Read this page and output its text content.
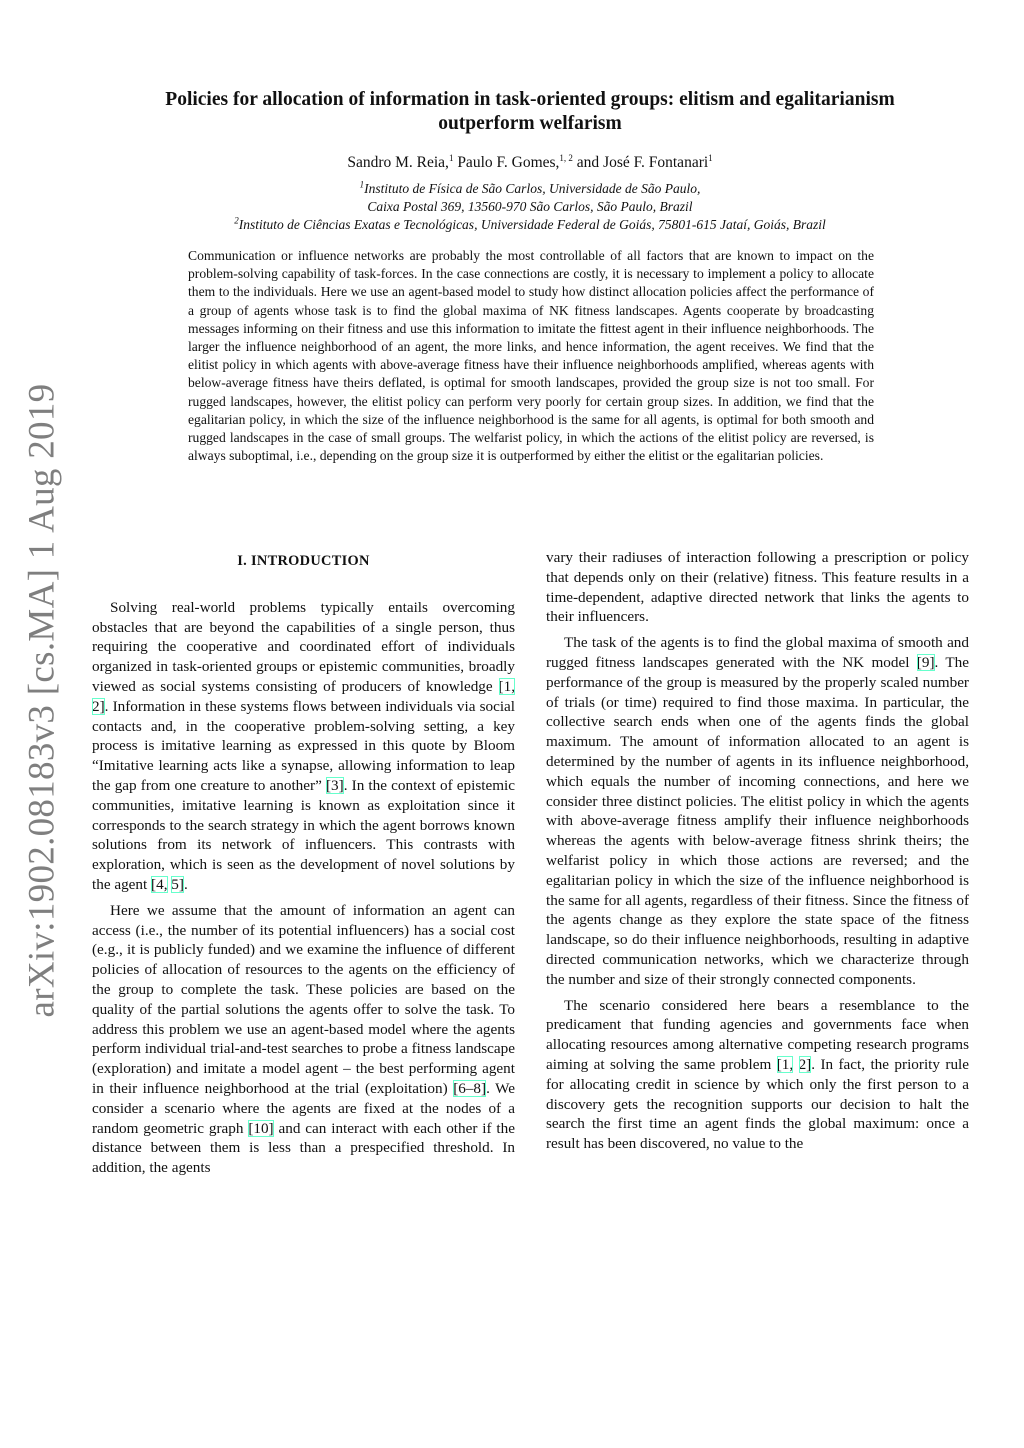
arXiv:1902.08183v3 [cs.MA] 1 Aug 2019
Policies for allocation of information in task-oriented groups: elitism and egalitarianism outperform welfarism
Sandro M. Reia,$^1$ Paulo F. Gomes,$^{1, 2}$ and José F. Fontanari$^1$
$^1$Instituto de Física de São Carlos, Universidade de São Paulo,
Caixa Postal 369, 13560-970 São Carlos, São Paulo, Brazil
$^2$Instituto de Ciências Exatas e Tecnológicas, Universidade Federal de Goiás, 75801-615 Jataí, Goiás, Brazil
Communication or influence networks are probably the most controllable of all factors that are known to impact on the problem-solving capability of task-forces. In the case connections are costly, it is necessary to implement a policy to allocate them to the individuals. Here we use an agent-based model to study how distinct allocation policies affect the performance of a group of agents whose task is to find the global maxima of NK fitness landscapes. Agents cooperate by broadcasting messages informing on their fitness and use this information to imitate the fittest agent in their influence neighborhoods. The larger the influence neighborhood of an agent, the more links, and hence information, the agent receives. We find that the elitist policy in which agents with above-average fitness have their influence neighborhoods amplified, whereas agents with below-average fitness have theirs deflated, is optimal for smooth landscapes, provided the group size is not too small. For rugged landscapes, however, the elitist policy can perform very poorly for certain group sizes. In addition, we find that the egalitarian policy, in which the size of the influence neighborhood is the same for all agents, is optimal for both smooth and rugged landscapes in the case of small groups. The welfarist policy, in which the actions of the elitist policy are reversed, is always suboptimal, i.e., depending on the group size it is outperformed by either the elitist or the egalitarian policies.
I. INTRODUCTION

Solving real-world problems typically entails overcoming obstacles that are beyond the capabilities of a single person, thus requiring the cooperative and coordinated effort of individuals organized in task-oriented groups or epistemic communities, broadly viewed as social systems consisting of producers of knowledge [1, 2]. Information in these systems flows between individuals via social contacts and, in the cooperative problem-solving setting, a key process is imitative learning as expressed in this quote by Bloom “Imitative learning acts like a synapse, allowing information to leap the gap from one creature to another” [3]. In the context of epistemic communities, imitative learning is known as exploitation since it corresponds to the search strategy in which the agent borrows known solutions from its network of influencers. This contrasts with exploration, which is seen as the development of novel solutions by the agent [4, 5].

Here we assume that the amount of information an agent can access (i.e., the number of its potential influencers) has a social cost (e.g., it is publicly funded) and we examine the influence of different policies of allocation of resources to the agents on the efficiency of the group to complete the task. These policies are based on the quality of the partial solutions the agents offer to solve the task. To address this problem we use an agent-based model where the agents perform individual trial-and-test searches to probe a fitness landscape (exploration) and imitate a model agent – the best performing agent in their influence neighborhood at the trial (exploitation) [6–8]. We consider a scenario where the agents are fixed at the nodes of a random geometric graph [10] and can interact with each other if the distance between them is less than a prespecified threshold. In addition, the agents

vary their radiuses of interaction following a prescription or policy that depends only on their (relative) fitness. This feature results in a time-dependent, adaptive directed network that links the agents to their influencers.

The task of the agents is to find the global maxima of smooth and rugged fitness landscapes generated with the NK model [9]. The performance of the group is measured by the properly scaled number of trials (or time) required to find those maxima. In particular, the collective search ends when one of the agents finds the global maximum. The amount of information allocated to an agent is determined by the number of agents in its influence neighborhood, which equals the number of incoming connections, and here we consider three distinct policies. The elitist policy in which the agents with above-average fitness amplify their influence neighborhoods whereas the agents with below-average fitness shrink theirs; the welfarist policy in which those actions are reversed; and the egalitarian policy in which the size of the influence neighborhood is the same for all agents, regardless of their fitness. Since the fitness of the agents change as they explore the state space of the fitness landscape, so do their influence neighborhoods, resulting in adaptive directed communication networks, which we characterize through the number and size of their strongly connected components.

The scenario considered here bears a resemblance to the predicament that funding agencies and governments face when allocating resources among alternative competing research programs aiming at solving the same problem [1, 2]. In fact, the priority rule for allocating credit in science by which only the first person to a discovery gets the recognition supports our decision to halt the search the first time an agent finds the global maximum: once a result has been discovered, no value to the
